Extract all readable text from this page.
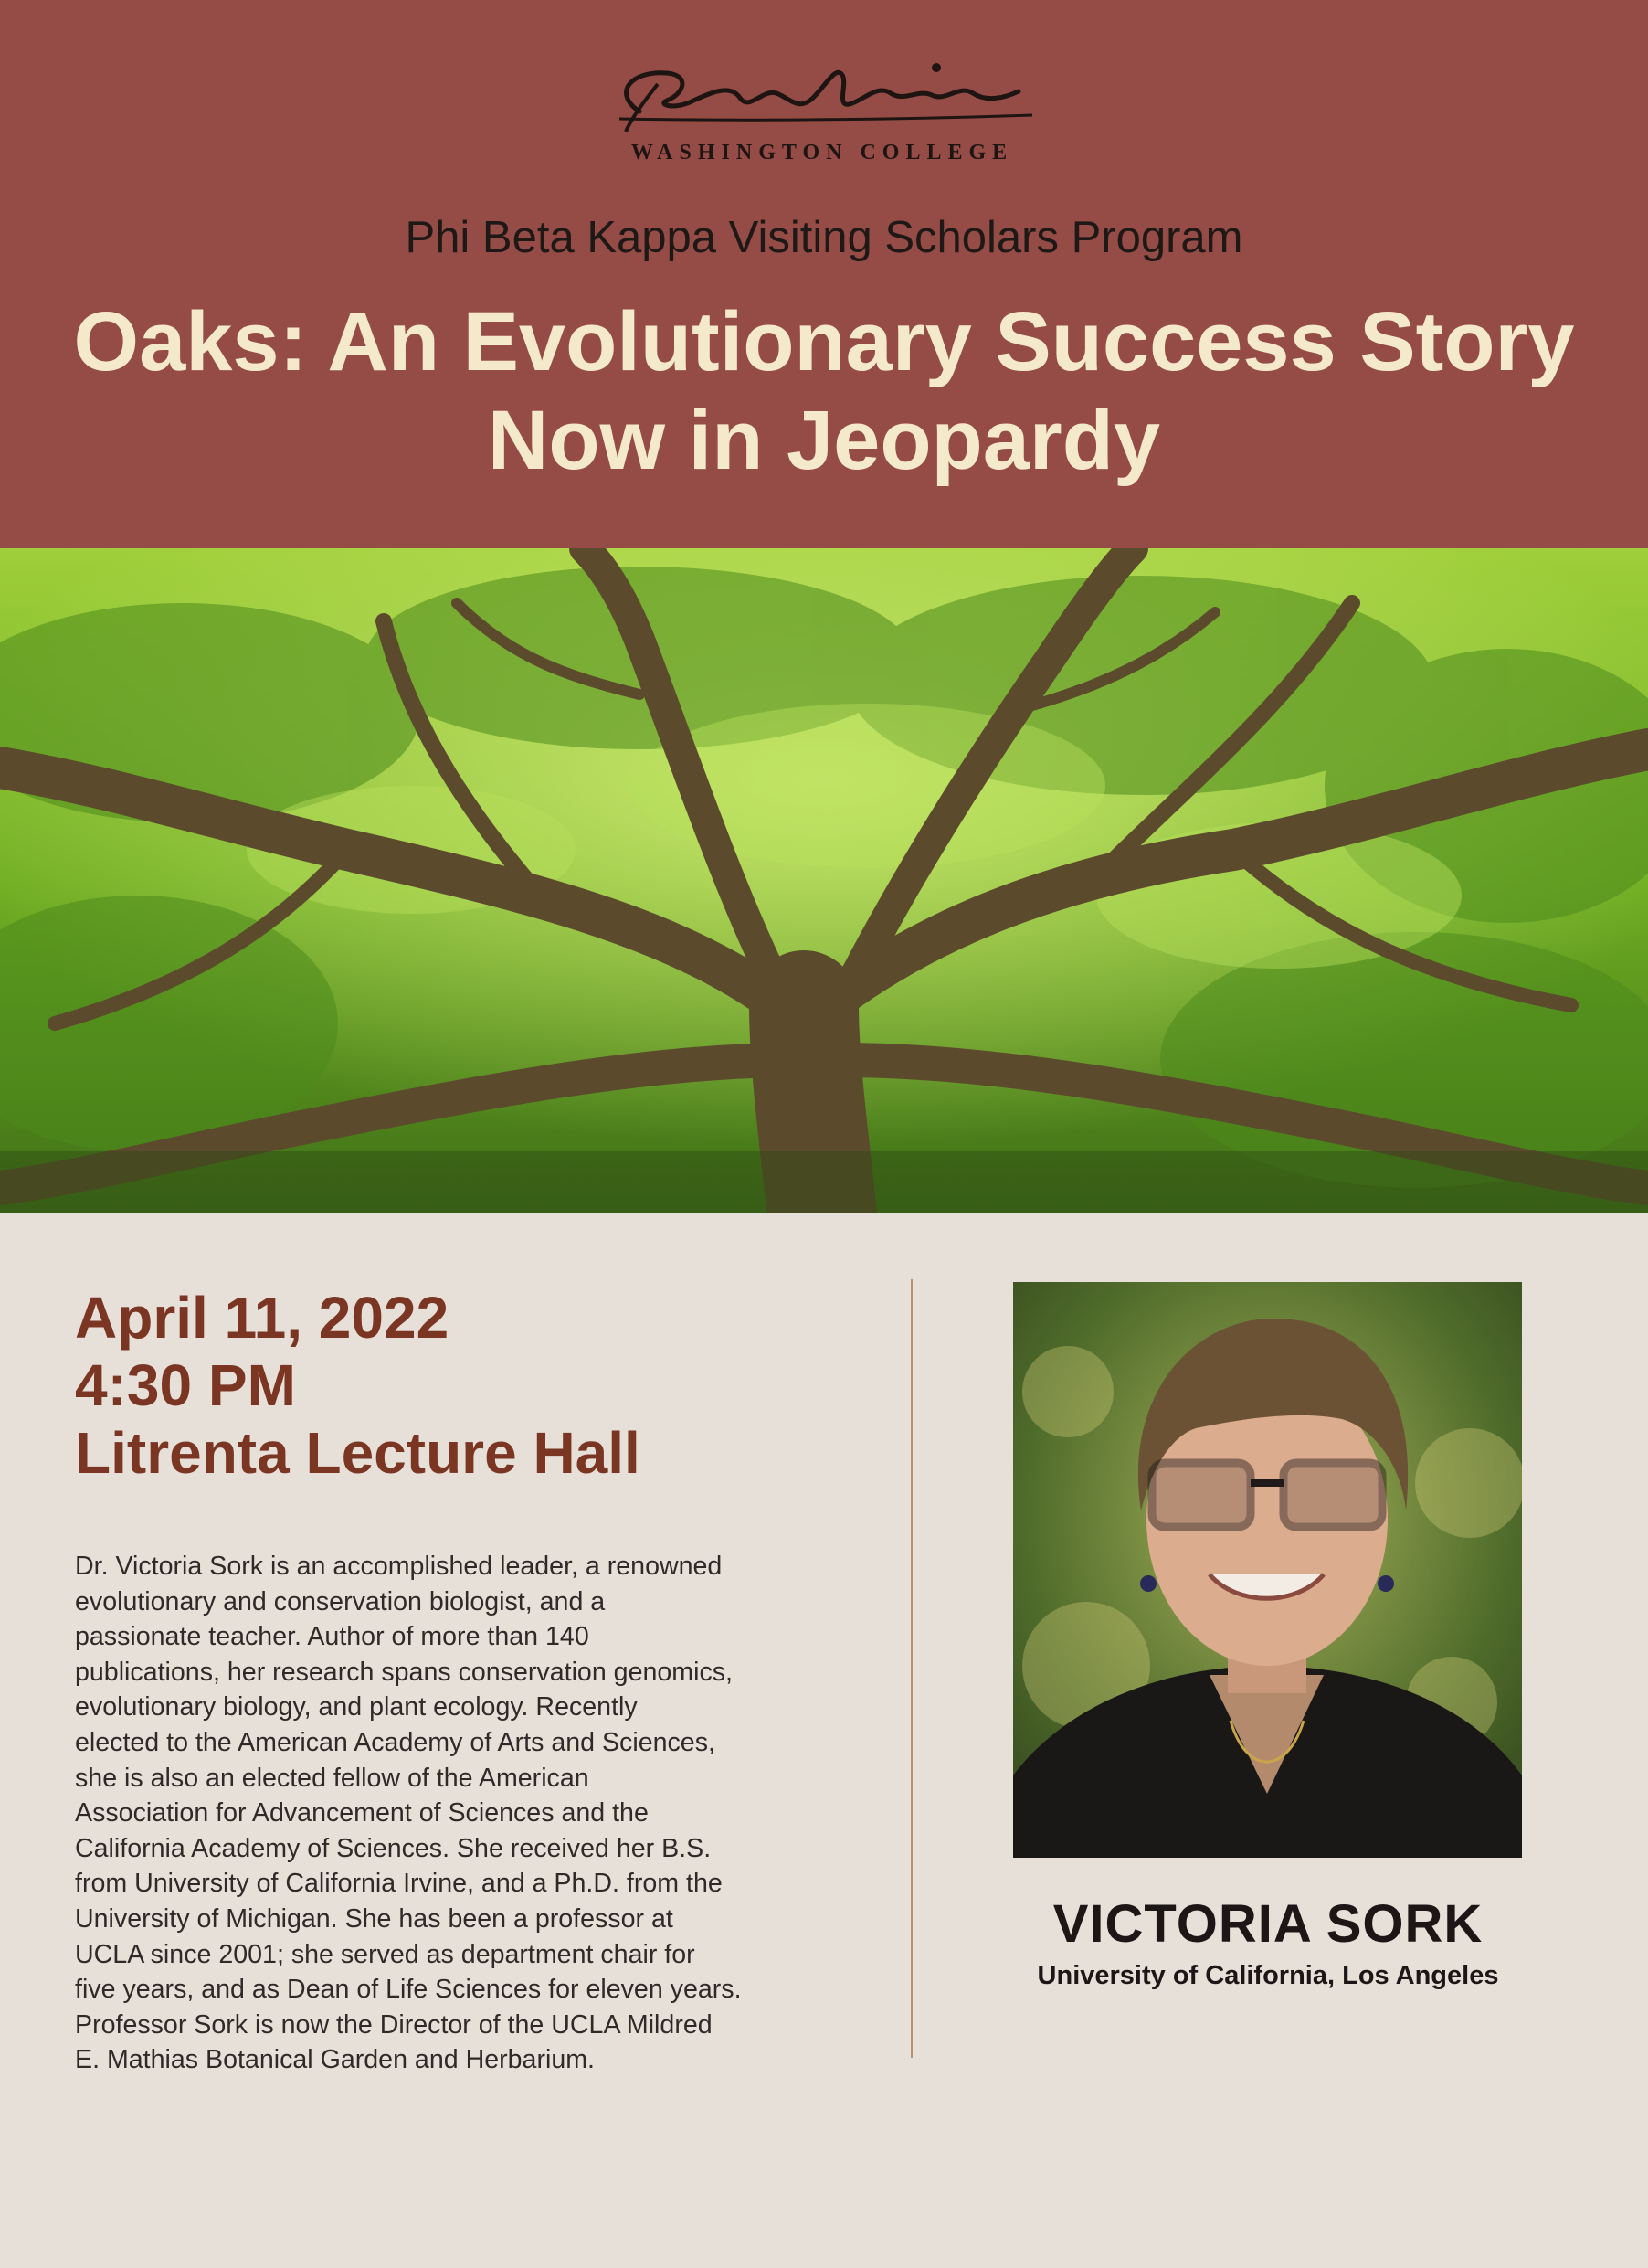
WASHINGTON COLLEGE
Phi Beta Kappa Visiting Scholars Program
Oaks: An Evolutionary Success Story
Now in Jeopardy
April 11, 2022
4:30 PM
Litrenta Lecture Hall
Dr. Victoria Sork is an accomplished leader, a renowned
evolutionary and conservation biologist, and a
passionate teacher. Author of more than 140
publications, her research spans conservation genomics,
evolutionary biology, and plant ecology. Recently
elected to the American Academy of Arts and Sciences,
she is also an elected fellow of the American
Association for Advancement of Sciences and the
California Academy of Sciences. She received her B.S.
from University of California Irvine, and a Ph.D. from the
University of Michigan. She has been a professor at
UCLA since 2001; she served as department chair for
five years, and as Dean of Life Sciences for eleven years.
Professor Sork is now the Director of the UCLA Mildred
E. Mathias Botanical Garden and Herbarium.
VICTORIA SORK
University of California, Los Angeles
